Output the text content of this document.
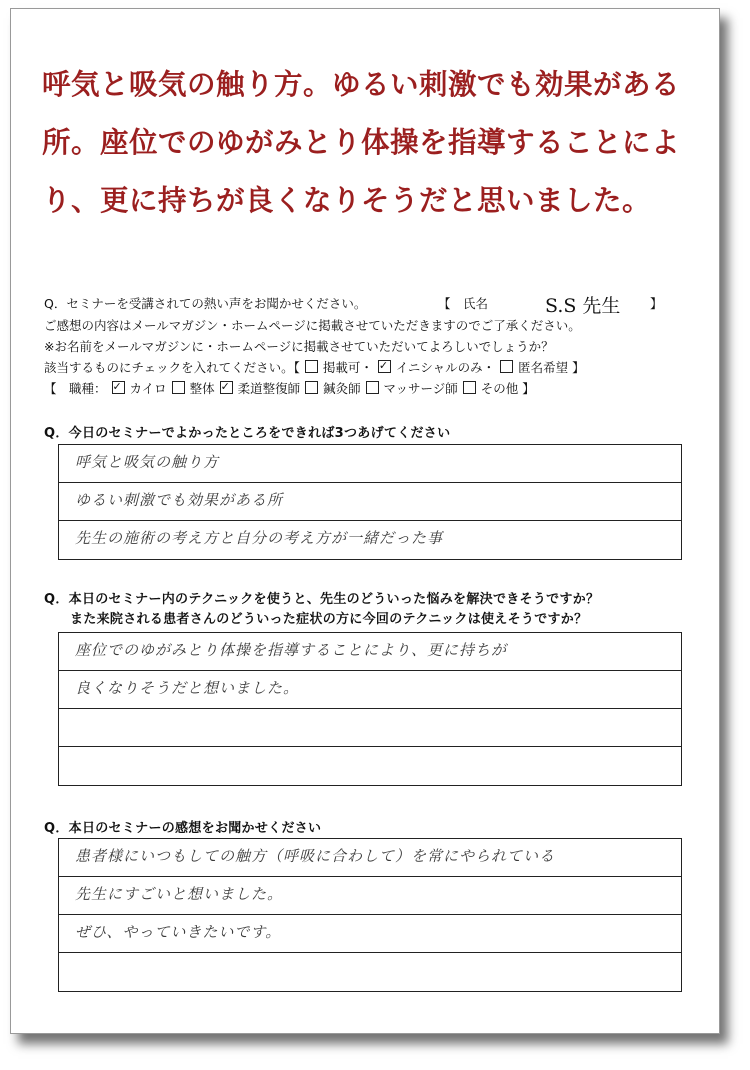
呼気と吸気の触り方。ゆるい刺激でも効果がある所。座位でのゆがみとり体操を指導することにより、更に持ちが良くなりそうだと思いました。

Q．セミナーを受講されての熱い声をお聞かせください。	【　氏名	S.S 先生 】
ご感想の内容はメールマガジン・ホームページに掲載させていただきますのでご了承ください。
※お名前をメールマガジンに・ホームページに掲載させていただいてよろしいでしょうか？
該当するものにチェックを入れてください。【 掲載可・ ✓ イニシャルのみ・ 匿名希望 】
【　職種： ✓ カイロ 整体 ✓ 柔道整復師 鍼灸師 マッサージ師 その他 】
Q．今日のセミナーでよかったところをできれば3つあげてください
呼気と吸気の触り方
ゆるい刺激でも効果がある所
先生の施術の考え方と自分の考え方が一緒だった事
Q．本日のセミナー内のテクニックを使うと、先生のどういった悩みを解決できそうですか？
また来院される患者さんのどういった症状の方に今回のテクニックは使えそうですか？
座位でのゆがみとり体操を指導することにより、更に持ちが
良くなりそうだと想いました。
Q．本日のセミナーの感想をお聞かせください
患者様にいつもしての触方（呼吸に合わして）を常にやられている
先生にすごいと想いました。
ぜひ、やっていきたいです。
